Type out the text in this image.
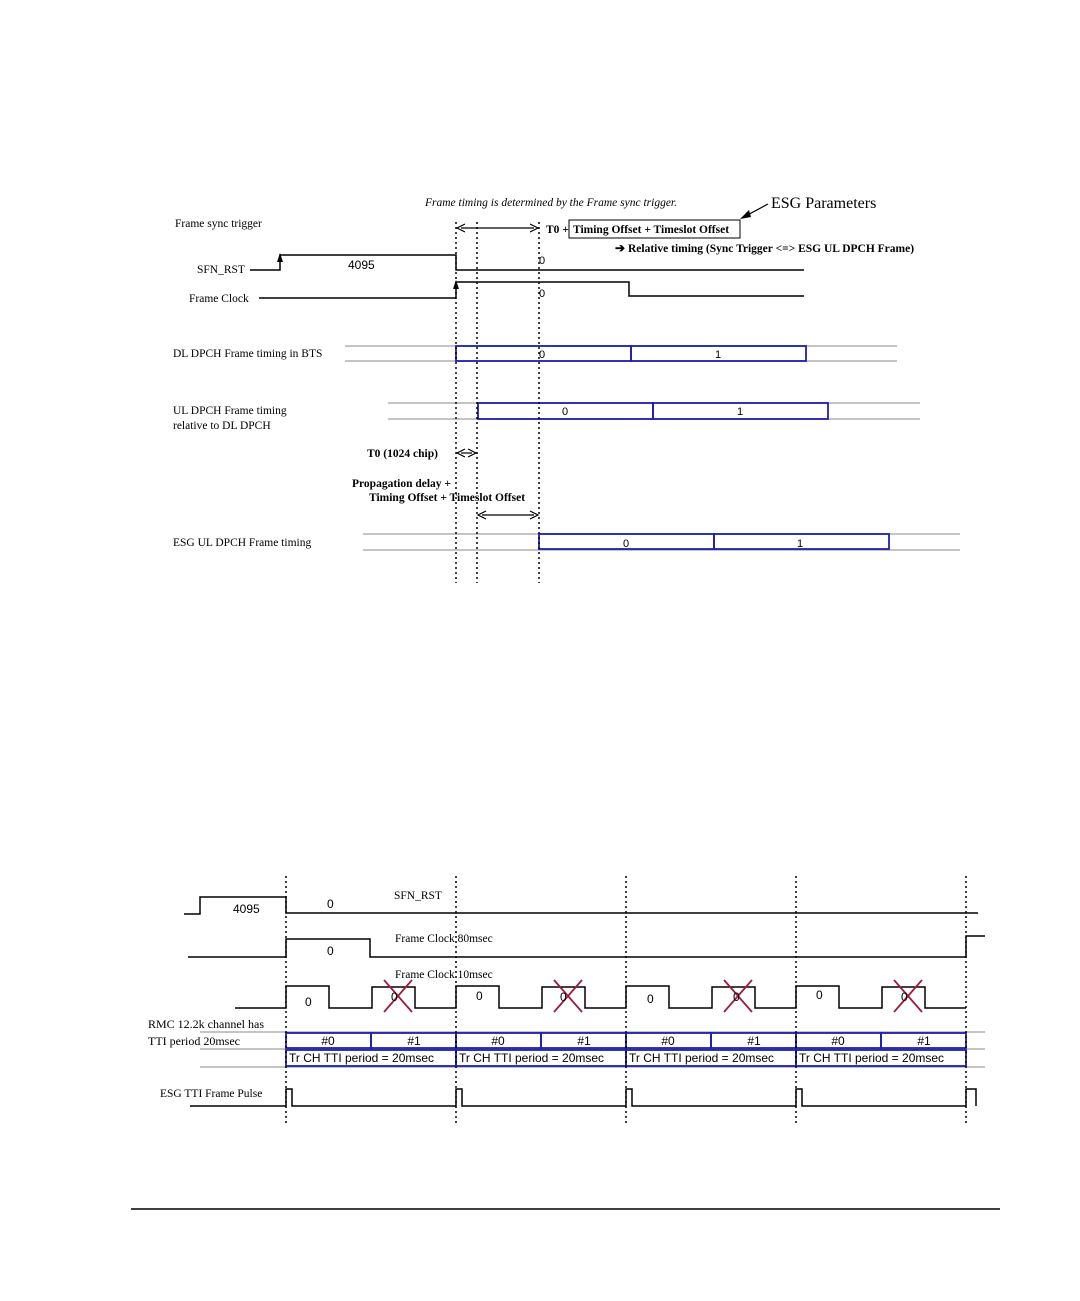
Frame timing is determined by the Frame sync trigger.	ESG Parameters
Frame sync trigger	T0 + Timing Offset + Timeslot Offset
➔ Relative timing (Sync Trigger <=> ESG UL DPCH Frame)
SFN_RST	4095	0
Frame Clock	0
DL DPCH Frame timing in BTS	0	1
UL DPCH Frame timing
relative to DL DPCH
0	1
T0 (1024 chip)
Propagation delay +
Timing Offset + Timeslot Offset
ESG UL DPCH Frame timing	0	1
4095	0
SFN_RST
0
Frame Clock 80msec
Frame Clock 10msec
0	0	0	0	0	0	0	0
RMC 12.2k channel has
TTI period 20msec
ESG TTI Frame Pulse
#0	#1
Tr CH TTI period = 20msec
#0	#1
Tr CH TTI period = 20msec
#0	#1
Tr CH TTI period = 20msec
#0	#1
Tr CH TTI period = 20msec
